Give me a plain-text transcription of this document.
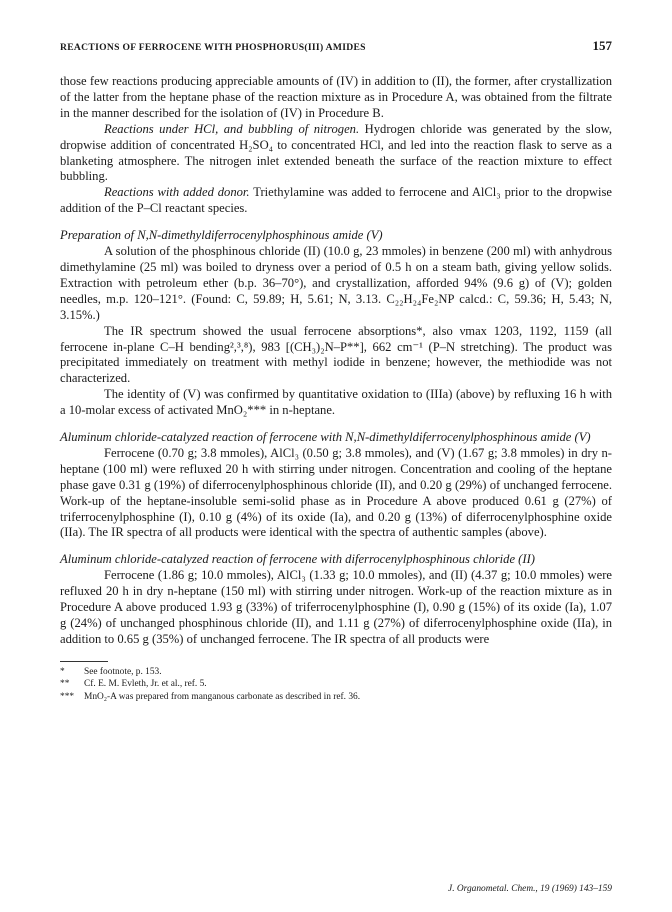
REACTIONS OF FERROCENE WITH PHOSPHORUS(III) AMIDES	157

those few reactions producing appreciable amounts of (IV) in addition to (II), the former, after crystallization of the latter from the heptane phase of the reaction mixture as in Procedure A, was obtained from the filtrate in the manner described for the isolation of (IV) in Procedure B.

Reactions under HCl, and bubbling of nitrogen. Hydrogen chloride was generated by the slow, dropwise addition of concentrated H₂SO₄ to concentrated HCl, and led into the reaction flask to serve as a blanketing atmosphere. The nitrogen inlet extended beneath the surface of the reaction mixture to effect bubbling.

Reactions with added donor. Triethylamine was added to ferrocene and AlCl₃ prior to the dropwise addition of the P–Cl reactant species.

Preparation of N,N-dimethyldiferrocenylphosphinous amide (V)

A solution of the phosphinous chloride (II) (10.0 g, 23 mmoles) in benzene (200 ml) with anhydrous dimethylamine (25 ml) was boiled to dryness over a period of 0.5 h on a steam bath, giving yellow solids. Extraction with petroleum ether (b.p. 36–70°), and crystallization, afforded 94% (9.6 g) of (V); golden needles, m.p. 120–121°. (Found: C, 59.89; H, 5.61; N, 3.13. C₂₂H₂₄Fe₂NP calcd.: C, 59.36; H, 5.43; N, 3.15%.)

The IR spectrum showed the usual ferrocene absorptions*, also νmax 1203, 1192, 1159 (all ferrocene in-plane C–H bending²,³,⁸), 983 [(CH₃)₂N–P**], 662 cm⁻¹ (P–N stretching). The product was precipitated immediately on treatment with methyl iodide in benzene; however, the methiodide was not characterized.

The identity of (V) was confirmed by quantitative oxidation to (IIIa) (above) by refluxing 16 h with a 10-molar excess of activated MnO₂*** in n-heptane.

Aluminum chloride-catalyzed reaction of ferrocene with N,N-dimethyldiferrocenylphosphinous amide (V)

Ferrocene (0.70 g; 3.8 mmoles), AlCl₃ (0.50 g; 3.8 mmoles), and (V) (1.67 g; 3.8 mmoles) in dry n-heptane (100 ml) were refluxed 20 h with stirring under nitrogen. Concentration and cooling of the heptane phase gave 0.31 g (19%) of diferrocenylphosphinous chloride (II), and 0.20 g (29%) of unchanged ferrocene. Work-up of the heptane-insoluble semi-solid phase as in Procedure A above produced 0.61 g (27%) of triferrocenylphosphine (I), 0.10 g (4%) of its oxide (Ia), and 0.20 g (13%) of diferrocenylphosphine oxide (IIa). The IR spectra of all products were identical with the spectra of authentic samples (above).

Aluminum chloride-catalyzed reaction of ferrocene with diferrocenylphosphinous chloride (II)

Ferrocene (1.86 g; 10.0 mmoles), AlCl₃ (1.33 g; 10.0 mmoles), and (II) (4.37 g; 10.0 mmoles) were refluxed 20 h in dry n-heptane (150 ml) with stirring under nitrogen. Work-up of the reaction mixture as in Procedure A above produced 1.93 g (33%) of triferrocenylphosphine (I), 0.90 g (15%) of its oxide (Ia), 1.07 g (24%) of unchanged phosphinous chloride (II), and 1.11 g (27%) of diferrocenylphosphine oxide (IIa), in addition to 0.65 g (35%) of unchanged ferrocene. The IR spectra of all products were

* See footnote, p. 153.
** Cf. E. M. Evleth, Jr. et al., ref. 5.
*** MnO₂-A was prepared from manganous carbonate as described in ref. 36.
J. Organometal. Chem., 19 (1969) 143–159
